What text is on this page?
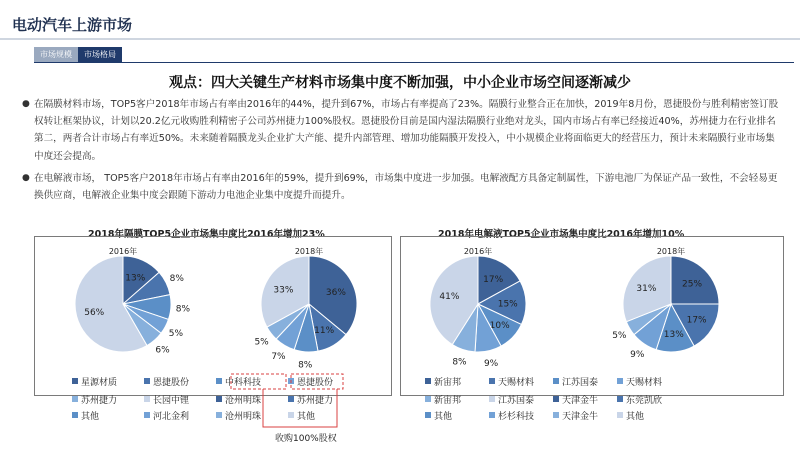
电动汽车上游市场
市场规模	市场格局
观点：四大关键生产材料市场集中度不断加强，中小企业市场空间逐渐减少
● 在隔膜材料市场，TOP5客户2018年市场占有率由2016年的44%，提升到67%，市场占有率提高了23%。隔膜行业整合正在加快，2019年8月份，恩捷股份与胜利精密签订股权转让框架协议，计划以20.2亿元收购胜利精密子公司苏州捷力100%股权。恩捷股份目前是国内湿法隔膜行业绝对龙头，国内市场占有率已经接近40%，苏州捷力在行业排名第二，两者合计市场占有率近50%。未来随着隔膜龙头企业扩大产能、提升内部管理、增加功能隔膜开发投入，中小规模企业将面临更大的经营压力，预计未来隔膜行业市场集中度还会提高。
● 在电解液市场， TOP5客户2018年市场占有率由2016年的59%，提升到69%，市场集中度进一步加强。电解液配方具备定制属性，下游电池厂为保证产品一致性，不会轻易更换供应商，电解液企业集中度会跟随下游动力电池企业集中度提升而提升。
2018年隔膜TOP5企业市场集中度比2016年增加23%	2018年电解液TOP5企业市场集中度比2016年增加10%
2016年
13%	8%
8%
5%
6%
56%
2018年
36%
11%
8%
7%
5%
33%
星源材质	恩捷股份	中科科技	恩捷股份
苏州捷力	长园中锂	沧州明珠	苏州捷力
其他	河北金利	沧州明珠	其他
2016年
17%
15%
10%
9%
8%
41%
2018年
25%
17%
13%
9%
5%
31%
新宙邦	天赐材料	江苏国泰	天赐材料
新宙邦	江苏国泰	天津金牛	东莞凯欣
其他	杉杉科技	天津金牛	其他
收购100%股权
